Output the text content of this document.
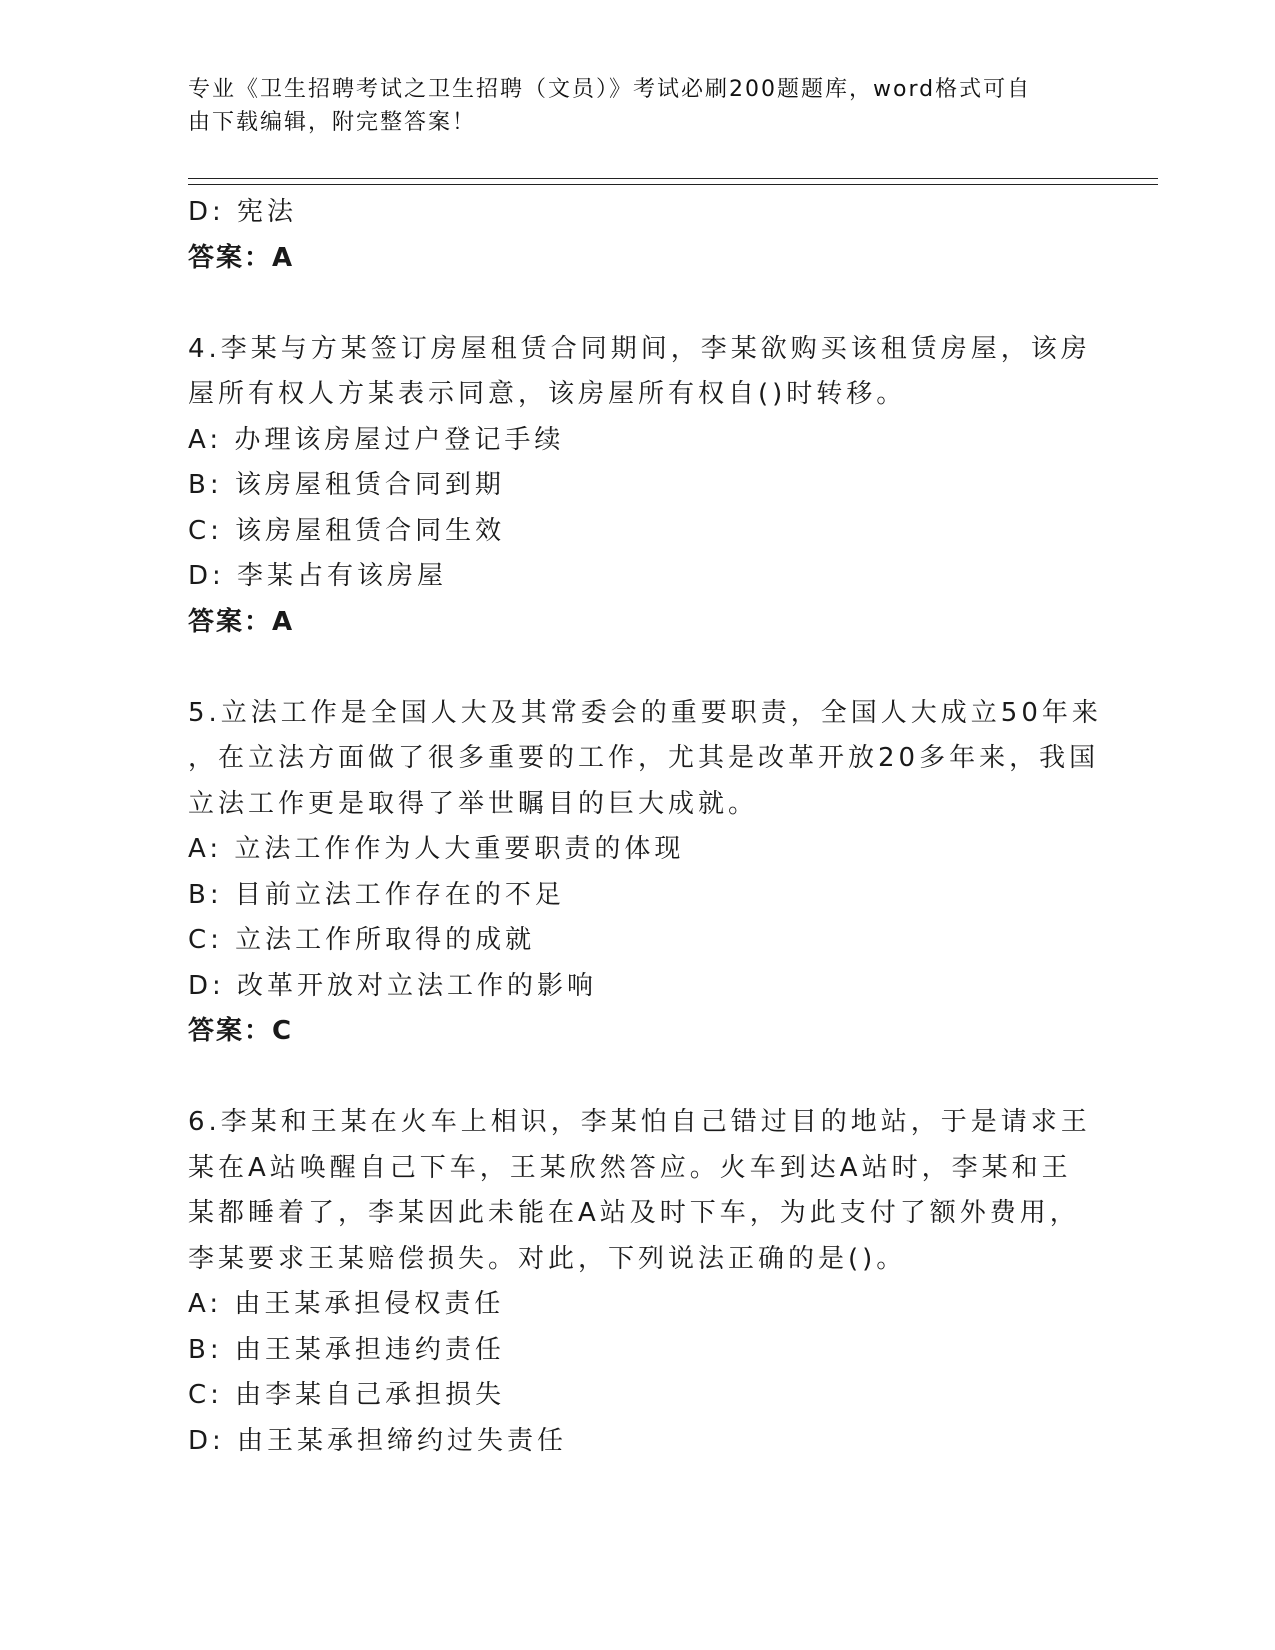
专业《卫生招聘考试之卫生招聘（文员）》考试必刷200题题库，word格式可自
由下载编辑，附完整答案！
D: 宪法
答案：A
4.李某与方某签订房屋租赁合同期间，李某欲购买该租赁房屋，该房
屋所有权人方某表示同意，该房屋所有权自()时转移。
A: 办理该房屋过户登记手续
B: 该房屋租赁合同到期
C: 该房屋租赁合同生效
D: 李某占有该房屋
答案：A
5.立法工作是全国人大及其常委会的重要职责，全国人大成立50年来
，在立法方面做了很多重要的工作，尤其是改革开放20多年来，我国
立法工作更是取得了举世瞩目的巨大成就。
A: 立法工作作为人大重要职责的体现
B: 目前立法工作存在的不足
C: 立法工作所取得的成就
D: 改革开放对立法工作的影响
答案：C
6.李某和王某在火车上相识，李某怕自己错过目的地站，于是请求王
某在A站唤醒自己下车，王某欣然答应。火车到达A站时，李某和王
某都睡着了，李某因此未能在A站及时下车，为此支付了额外费用，
李某要求王某赔偿损失。对此，下列说法正确的是()。
A: 由王某承担侵权责任
B: 由王某承担违约责任
C: 由李某自己承担损失
D: 由王某承担缔约过失责任
